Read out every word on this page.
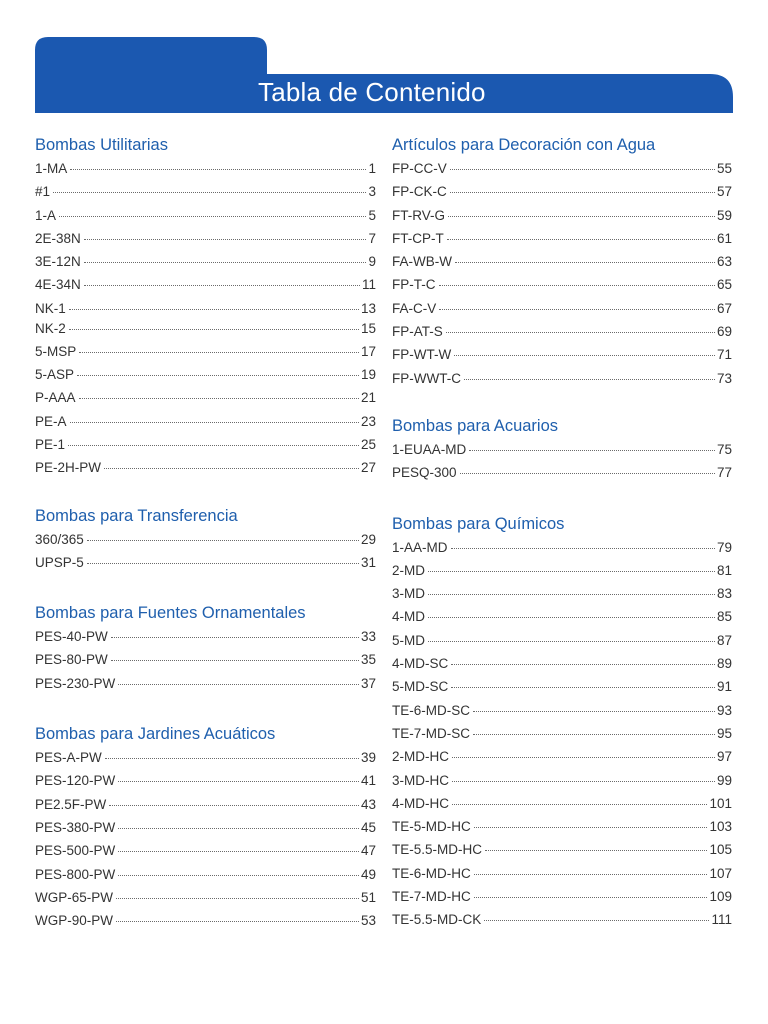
Tabla de Contenido
Bombas Utilitarias
1-MA	1
#1	3
1-A	5
2E-38N	7
3E-12N	9
4E-34N	11
NK-1	13
NK-2	15
5-MSP	17
5-ASP	19
P-AAA	21
PE-A	23
PE-1	25
PE-2H-PW	27
Bombas para Transferencia
360/365	29
UPSP-5	31
Bombas para Fuentes Ornamentales
PES-40-PW	33
PES-80-PW	35
PES-230-PW	37
Bombas para Jardines Acuáticos
PES-A-PW	39
PES-120-PW	41
PE2.5F-PW	43
PES-380-PW	45
PES-500-PW	47
PES-800-PW	49
WGP-65-PW	51
WGP-90-PW	53
Artículos para Decoración con Agua
FP-CC-V	55
FP-CK-C	57
FT-RV-G	59
FT-CP-T	61
FA-WB-W	63
FP-T-C	65
FA-C-V	67
FP-AT-S	69
FP-WT-W	71
FP-WWT-C	73
Bombas para Acuarios
1-EUAA-MD	75
PESQ-300	77
Bombas para Químicos
1-AA-MD	79
2-MD	81
3-MD	83
4-MD	85
5-MD	87
4-MD-SC	89
5-MD-SC	91
TE-6-MD-SC	93
TE-7-MD-SC	95
2-MD-HC	97
3-MD-HC	99
4-MD-HC	101
TE-5-MD-HC	103
TE-5.5-MD-HC	105
TE-6-MD-HC	107
TE-7-MD-HC	109
TE-5.5-MD-CK	111
